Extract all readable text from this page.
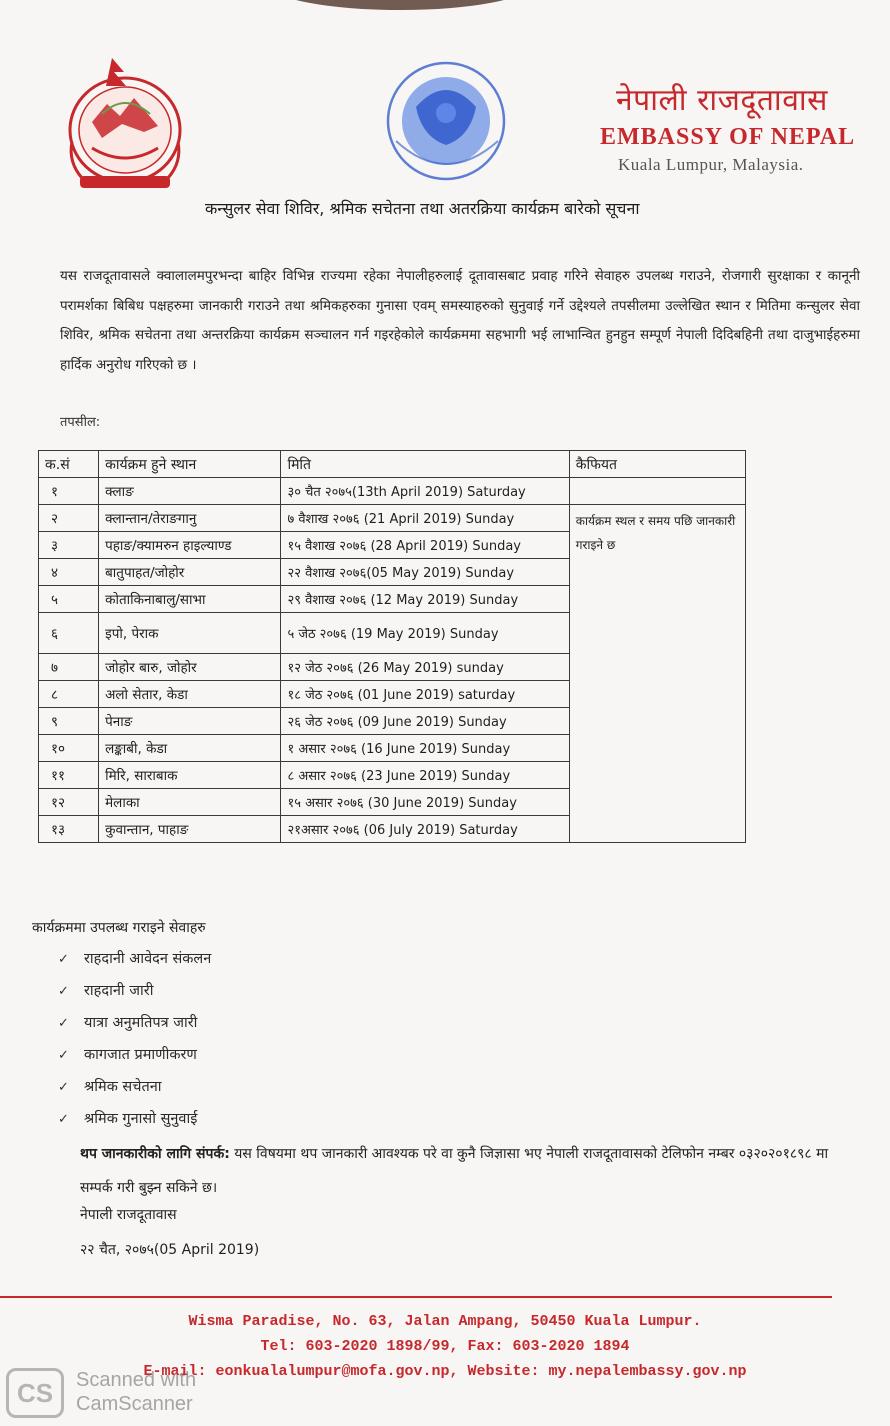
नेपाली राजदूतावास
EMBASSY OF NEPAL
Kuala Lumpur, Malaysia.
कन्सुलर सेवा शिविर, श्रमिक सचेतना तथा अतरक्रिया कार्यक्रम बारेको सूचना
यस राजदूतावासले क्वालालमपुरभन्दा बाहिर विभिन्न राज्यमा रहेका नेपालीहरुलाई दूतावासबाट प्रवाह गरिने सेवाहरु उपलब्ध गराउने, रोजगारी सुरक्षाका र कानूनी परामर्शका बिबिध पक्षहरुमा जानकारी गराउने तथा श्रमिकहरुका गुनासा एवम् समस्याहरुको सुनुवाई गर्ने उद्देश्यले तपसीलमा उल्लेखित स्थान र मितिमा कन्सुलर सेवा शिविर, श्रमिक सचेतना तथा अन्तरक्रिया कार्यक्रम सञ्चालन गर्न गइरहेकोले कार्यक्रममा सहभागी भई लाभान्वित हुनहुन सम्पूर्ण नेपाली दिदिबहिनी तथा दाजुभाईहरुमा हार्दिक अनुरोध गरिएको छ ।
तपसील:
क.सं	कार्यक्रम हुने स्थान	मिति	कैफियत
१	क्लाङ	३० चैत २०७५(13th April 2019) Saturday	
२	क्लान्तान/तेराङगानु	७ वैशाख २०७६ (21 April 2019) Sunday	कार्यक्रम स्थल र समय पछि जानकारी गराइने छ
३	पहाङ/क्यामरुन हाइल्याण्ड	१५ वैशाख २०७६ (28 April 2019) Sunday	
४	बातुपाहत/जोहोर	२२ वैशाख २०७६(05 May 2019) Sunday	
५	कोताकिनाबालु/साभा	२९ वैशाख २०७६ (12 May 2019) Sunday	
६	इपो, पेराक	५ जेठ २०७६ (19 May 2019) Sunday	
७	जोहोर बारु, जोहोर	१२ जेठ २०७६ (26 May 2019) sunday	
८	अलो सेतार, केडा	१८ जेठ २०७६ (01 June 2019) saturday	
९	पेनाङ	२६ जेठ २०७६ (09 June 2019) Sunday	
१०	लङ्काबी, केडा	१ असार २०७६ (16 June 2019) Sunday	
११	मिरि, साराबाक	८ असार २०७६ (23 June 2019) Sunday	
१२	मेलाका	१५ असार २०७६ (30 June 2019) Sunday	
१३	कुवान्तान, पाहाङ	२१असार २०७६ (06 July 2019) Saturday	
कार्यक्रममा उपलब्ध गराइने सेवाहरु
✓ राहदानी आवेदन संकलन
✓ राहदानी जारी
✓ यात्रा अनुमतिपत्र जारी
✓ कागजात प्रमाणीकरण
✓ श्रमिक सचेतना
✓ श्रमिक गुनासो सुनुवाई
थप जानकारीको लागि संपर्क: यस विषयमा थप जानकारी आवश्यक परे वा कुनै जिज्ञासा भए नेपाली राजदूतावासको टेलिफोन नम्बर ०३२०२०१८९८ मा सम्पर्क गरी बुझ्न सकिने छ।
नेपाली राजदूतावास
२२ चैत, २०७५(05 April 2019)
Wisma Paradise, No. 63, Jalan Ampang, 50450 Kuala Lumpur.
Tel: 603-2020 1898/99, Fax: 603-2020 1894
E-mail: eonkualalumpur@mofa.gov.np, Website: my.nepalembassy.gov.np
CS	Scanned with
CamScanner
